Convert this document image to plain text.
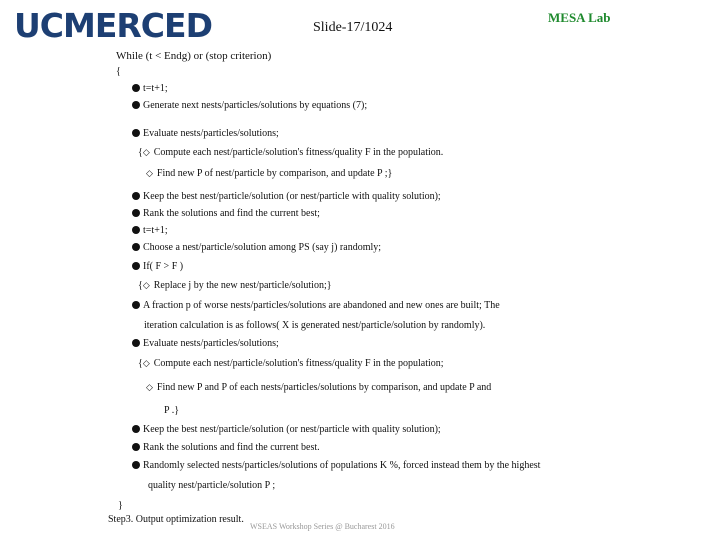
UCMERCED	Slide-17/1024
MESA Lab
While (t < Endg) or (stop criterion)
{
t=t+1;
Generate next nests/particles/solutions by equations (7);
Evaluate nests/particles/solutions;
{◇ Compute each nest/particle/solution's fitness/quality F in the population.
◇ Find new P of nest/particle by comparison, and update P ;}
Keep the best nest/particle/solution (or nest/particle with quality solution);
Rank the solutions and find the current best;
t=t+1;
Choose a nest/particle/solution among PS (say j) randomly;
If( F > F )
{◇ Replace j by the new nest/particle/solution;}
A fraction p of worse nests/particles/solutions are abandoned and new ones are built; The
iteration calculation is as follows( X is generated nest/particle/solution by randomly).
Evaluate nests/particles/solutions;
{◇ Compute each nest/particle/solution's fitness/quality F in the population;
◇ Find new P and P of each nests/particles/solutions by comparison, and update P and
P .}
Keep the best nest/particle/solution (or nest/particle with quality solution);
Rank the solutions and find the current best.
Randomly selected nests/particles/solutions of populations K %, forced instead them by the highest
quality nest/particle/solution P ;
}
Step3. Output optimization result.
WSEAS Workshop Series @ Bucharest 2016
